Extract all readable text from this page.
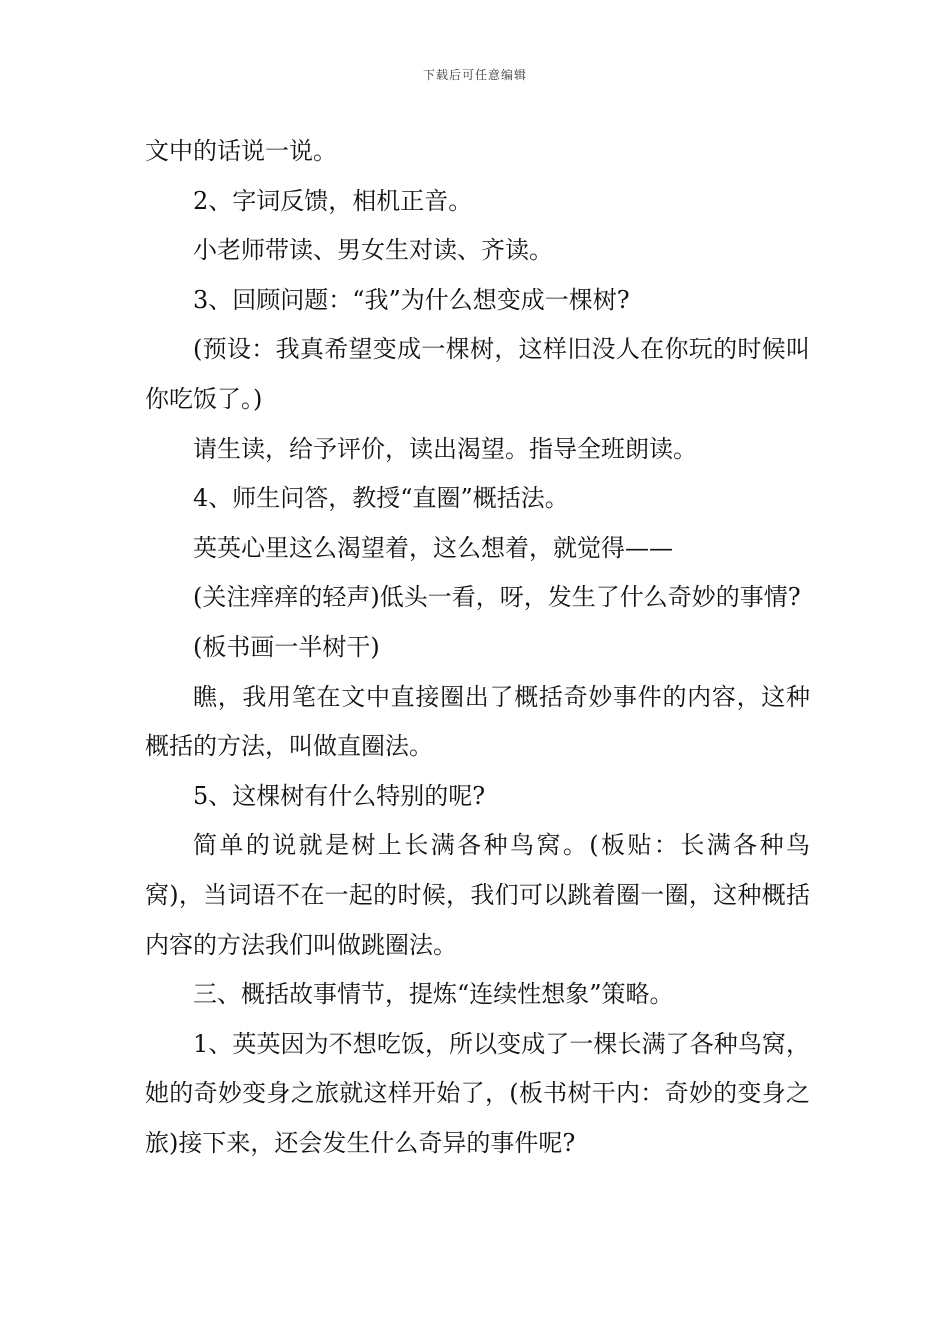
下载后可任意编辑

文中的话说一说。

2、字词反馈，相机正音。

小老师带读、男女生对读、齐读。

3、回顾问题：“我”为什么想变成一棵树?

(预设：我真希望变成一棵树，这样旧没人在你玩的时候叫你吃饭了。)

请生读，给予评价，读出渴望。指导全班朗读。

4、师生问答，教授“直圈”概括法。

英英心里这么渴望着，这么想着，就觉得——

(关注痒痒的轻声)低头一看，呀，发生了什么奇妙的事情?

(板书画一半树干)

瞧，我用笔在文中直接圈出了概括奇妙事件的内容，这种概括的方法，叫做直圈法。

5、这棵树有什么特别的呢?

简单的说就是树上长满各种鸟窝。(板贴：长满各种鸟窝)，当词语不在一起的时候，我们可以跳着圈一圈，这种概括内容的方法我们叫做跳圈法。

三、概括故事情节，提炼“连续性想象”策略。

1、英英因为不想吃饭，所以变成了一棵长满了各种鸟窝，她的奇妙变身之旅就这样开始了，(板书树干内：奇妙的变身之旅)接下来，还会发生什么奇异的事件呢?
